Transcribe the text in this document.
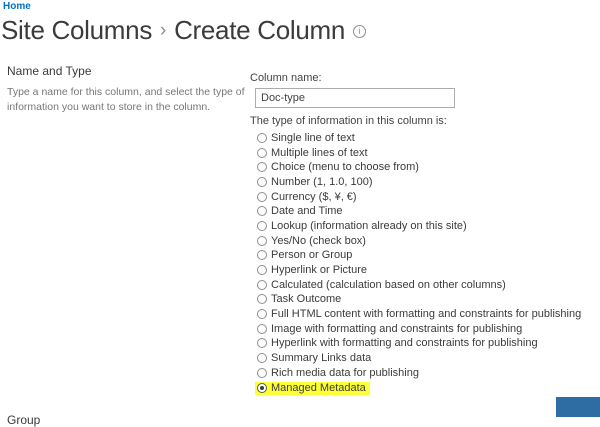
Home
Site Columns › Create Column i
Name and Type
Type a name for this column, and select the type of information you want to store in the column.
Column name:
Doc-type
The type of information in this column is:
Single line of text
Multiple lines of text
Choice (menu to choose from)
Number (1, 1.0, 100)
Currency ($, ¥, €)
Date and Time
Lookup (information already on this site)
Yes/No (check box)
Person or Group
Hyperlink or Picture
Calculated (calculation based on other columns)
Task Outcome
Full HTML content with formatting and constraints for publishing
Image with formatting and constraints for publishing
Hyperlink with formatting and constraints for publishing
Summary Links data
Rich media data for publishing
Managed Metadata
Group
